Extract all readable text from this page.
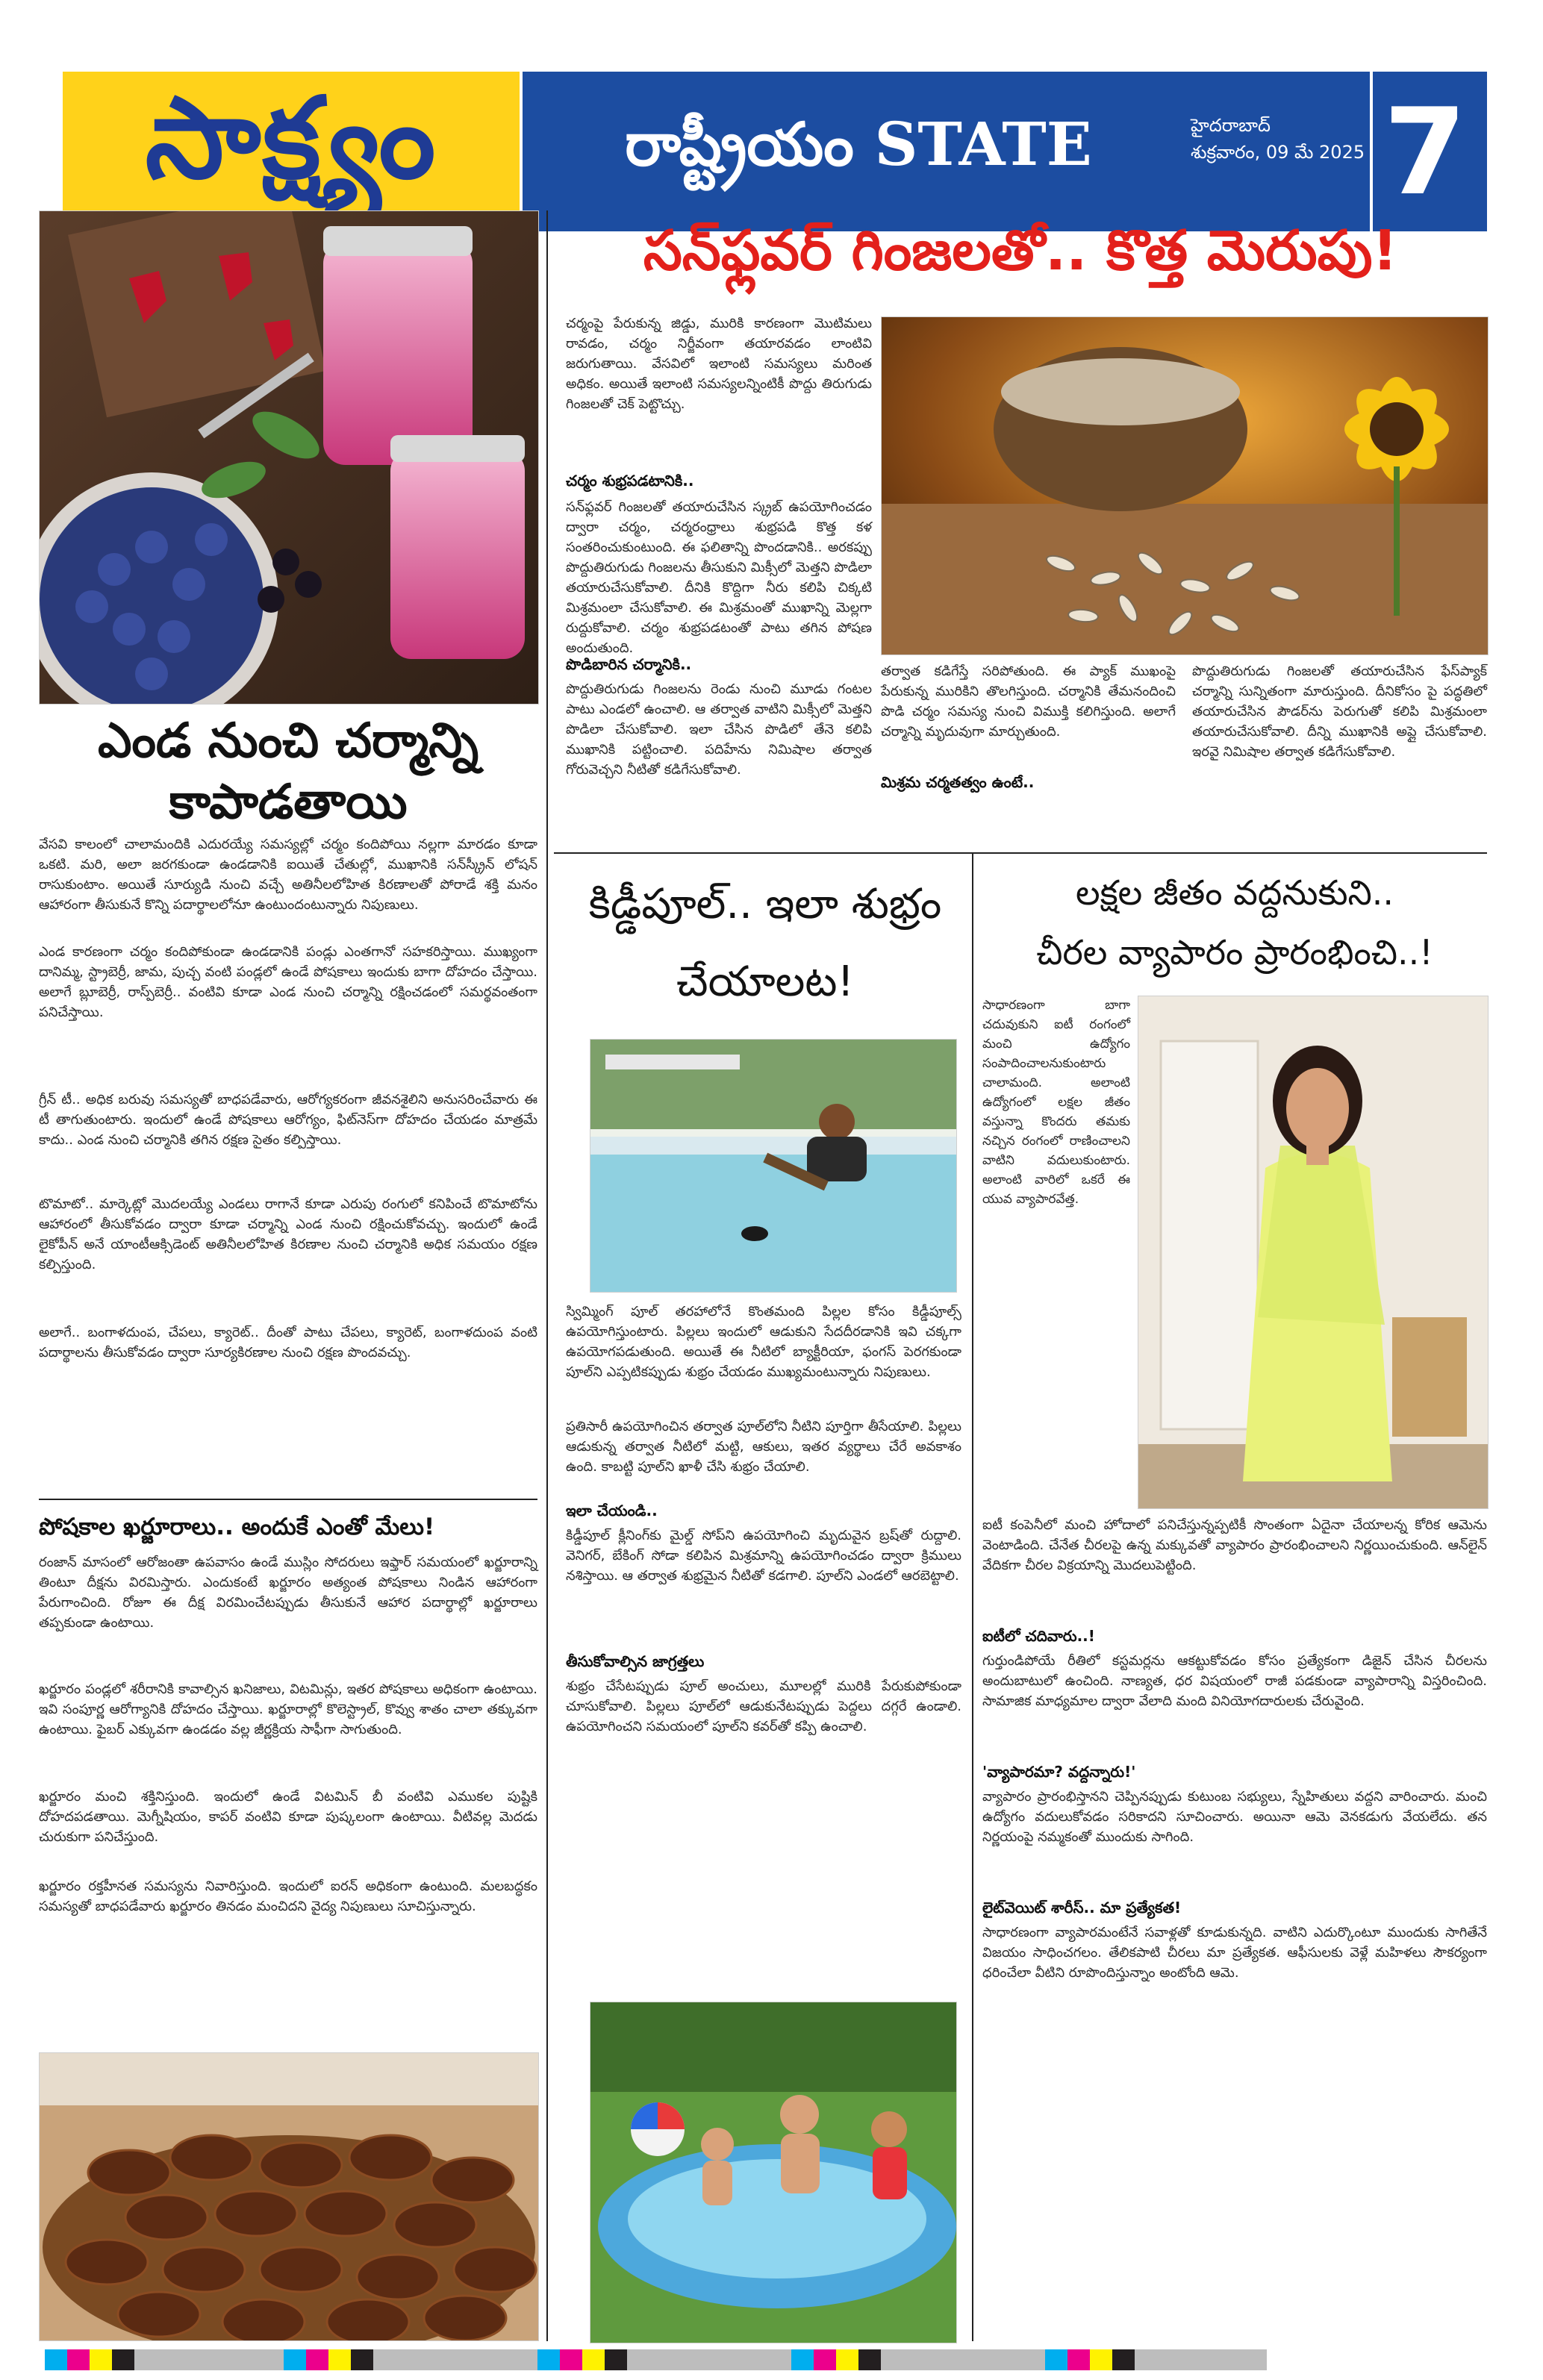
సాక్ష్యం	రాష్ట్రీయం STATE	హైదరాబాద్
శుక్రవారం, 09 మే 2025 7
ఎండ నుంచి చర్మాన్ని కాపాడతాయి
వేసవి కాలంలో చాలామందికి ఎదురయ్యే సమస్యల్లో చర్మం కందిపోయి నల్లగా మారడం కూడా ఒకటి. మరి, అలా జరగకుండా ఉండడానికి ఐయితే చేతుల్లో, ముఖానికి సన్‌స్క్రీన్ లోషన్ రాసుకుంటాం. అయితే సూర్యుడి నుంచి వచ్చే అతినీలలోహిత కిరణాలతో పోరాడే శక్తి మనం ఆహారంగా తీసుకునే కొన్ని పదార్థాలలోనూ ఉంటుందంటున్నారు నిపుణులు.
ఎండ కారణంగా చర్మం కందిపోకుండా ఉండడానికి పండ్లు ఎంతగానో సహకరిస్తాయి. ముఖ్యంగా దానిమ్మ, స్ట్రాబెర్రీ, జామ, పుచ్చ వంటి పండ్లలో ఉండే పోషకాలు ఇందుకు బాగా దోహదం చేస్తాయి. అలాగే బ్లూబెర్రీ, రాస్ప్‌బెర్రీ.. వంటివి కూడా ఎండ నుంచి చర్మాన్ని రక్షించడంలో సమర్థవంతంగా పనిచేస్తాయి.
గ్రీన్ టీ.. అధిక బరువు సమస్యతో బాధపడేవారు, ఆరోగ్యకరంగా జీవనశైలిని అనుసరించేవారు ఈ టీ తాగుతుంటారు. ఇందులో ఉండే పోషకాలు ఆరోగ్యం, ఫిట్‌నెస్‌గా దోహదం చేయడం మాత్రమే కాదు.. ఎండ నుంచి చర్మానికి తగిన రక్షణ సైతం కల్పిస్తాయి.
టొమాటో.. మార్కెట్లో మొదలయ్యే ఎండలు రాగానే కూడా ఎరుపు రంగులో కనిపించే టొమాటోను ఆహారంలో తీసుకోవడం ద్వారా కూడా చర్మాన్ని ఎండ నుంచి రక్షించుకోవచ్చు. ఇందులో ఉండే లైకోపీన్ అనే యాంటీఆక్సిడెంట్ అతినీలలోహిత కిరణాల నుంచి చర్మానికి అధిక సమయం రక్షణ కల్పిస్తుంది.
అలాగే.. బంగాళదుంప, చేపలు, క్యారెట్.. దీంతో పాటు చేపలు, క్యారెట్, బంగాళదుంప వంటి పదార్థాలను తీసుకోవడం ద్వారా సూర్యకిరణాల నుంచి రక్షణ పొందవచ్చు.
పోషకాల ఖర్జూరాలు.. అందుకే ఎంతో మేలు!
రంజాన్ మాసంలో ఆరోజంతా ఉపవాసం ఉండే ముస్లిం సోదరులు ఇఫ్తార్ సమయంలో ఖర్జూరాన్ని తింటూ దీక్షను విరమిస్తారు. ఎందుకంటే ఖర్జూరం అత్యంత పోషకాలు నిండిన ఆహారంగా పేరుగాంచింది. రోజూ ఈ దీక్ష విరమించేటప్పుడు తీసుకునే ఆహార పదార్థాల్లో ఖర్జూరాలు తప్పకుండా ఉంటాయి.
ఖర్జూరం పండ్లలో శరీరానికి కావాల్సిన ఖనిజాలు, విటమిన్లు, ఇతర పోషకాలు అధికంగా ఉంటాయి. ఇవి సంపూర్ణ ఆరోగ్యానికి దోహదం చేస్తాయి. ఖర్జూరాల్లో కొలెస్ట్రాల్, కొవ్వు శాతం చాలా తక్కువగా ఉంటాయి. ఫైబర్ ఎక్కువగా ఉండడం వల్ల జీర్ణక్రియ సాఫీగా సాగుతుంది.
ఖర్జూరం మంచి శక్తినిస్తుంది. ఇందులో ఉండే విటమిన్ బీ వంటివి ఎముకల పుష్టికి దోహదపడతాయి. మెగ్నీషియం, కాపర్ వంటివి కూడా పుష్కలంగా ఉంటాయి. వీటివల్ల మెదడు చురుకుగా పనిచేస్తుంది.
ఖర్జూరం రక్తహీనత సమస్యను నివారిస్తుంది. ఇందులో ఐరన్ అధికంగా ఉంటుంది. మలబద్ధకం సమస్యతో బాధపడేవారు ఖర్జూరం తినడం మంచిదని వైద్య నిపుణులు సూచిస్తున్నారు.
సన్‌ఫ్లవర్ గింజలతో.. కొత్త మెరుపు!
చర్మంపై పేరుకున్న జిడ్డు, మురికి కారణంగా మొటిమలు రావడం, చర్మం నిర్జీవంగా తయారవడం లాంటివి జరుగుతాయి. వేసవిలో ఇలాంటి సమస్యలు మరింత అధికం. అయితే ఇలాంటి సమస్యలన్నింటికీ పొద్దు తిరుగుడు గింజలతో చెక్ పెట్టొచ్చు.
చర్మం శుభ్రపడటానికి..
సన్‌ఫ్లవర్ గింజలతో తయారుచేసిన స్క్రబ్ ఉపయోగించడం ద్వారా చర్మం, చర్మరంధ్రాలు శుభ్రపడి కొత్త కళ సంతరించుకుంటుంది. ఈ ఫలితాన్ని పొందడానికి.. అరకప్పు పొద్దుతిరుగుడు గింజలను తీసుకుని మిక్సీలో మెత్తని పొడిలా తయారుచేసుకోవాలి. దీనికి కొద్దిగా నీరు కలిపి చిక్కటి మిశ్రమంలా చేసుకోవాలి. ఈ మిశ్రమంతో ముఖాన్ని మెల్లగా రుద్దుకోవాలి. చర్మం శుభ్రపడటంతో పాటు తగిన పోషణ అందుతుంది.
పొడిబారిన చర్మానికి..
పొద్దుతిరుగుడు గింజలను రెండు నుంచి మూడు గంటల పాటు ఎండలో ఉంచాలి. ఆ తర్వాత వాటిని మిక్సీలో మెత్తని పొడిలా చేసుకోవాలి. ఇలా చేసిన పొడిలో తేనె కలిపి ముఖానికి పట్టించాలి. పదిహేను నిమిషాల తర్వాత గోరువెచ్చని నీటితో కడిగేసుకోవాలి.
తర్వాత కడిగేస్తే సరిపోతుంది. ఈ ప్యాక్ ముఖంపై పేరుకున్న మురికిని తొలగిస్తుంది. చర్మానికి తేమనందించి పొడి చర్మం సమస్య నుంచి విముక్తి కలిగిస్తుంది. అలాగే చర్మాన్ని మృదువుగా మార్చుతుంది.
మిశ్రమ చర్మతత్వం ఉంటే..
పొద్దుతిరుగుడు గింజలతో తయారుచేసిన ఫేస్‌ప్యాక్ చర్మాన్ని సున్నితంగా మారుస్తుంది. దీనికోసం పై పద్ధతిలో తయారుచేసిన పౌడర్‌ను పెరుగుతో కలిపి మిశ్రమంలా తయారుచేసుకోవాలి. దీన్ని ముఖానికి అప్లై చేసుకోవాలి. ఇరవై నిమిషాల తర్వాత కడిగేసుకోవాలి.
కిడ్డీపూల్.. ఇలా శుభ్రం చేయాలట!
స్విమ్మింగ్ పూల్ తరహాలోనే కొంతమంది పిల్లల కోసం కిడ్డీపూల్స్ ఉపయోగిస్తుంటారు. పిల్లలు ఇందులో ఆడుకుని సేదదీరడానికి ఇవి చక్కగా ఉపయోగపడుతుంది. అయితే ఈ నీటిలో బ్యాక్టీరియా, ఫంగస్ పెరగకుండా పూల్‌ని ఎప్పటికప్పుడు శుభ్రం చేయడం ముఖ్యమంటున్నారు నిపుణులు.
ప్రతిసారీ ఉపయోగించిన తర్వాత పూల్‌లోని నీటిని పూర్తిగా తీసేయాలి. పిల్లలు ఆడుకున్న తర్వాత నీటిలో మట్టి, ఆకులు, ఇతర వ్యర్థాలు చేరే అవకాశం ఉంది. కాబట్టి పూల్‌ని ఖాళీ చేసి శుభ్రం చేయాలి.
ఇలా చేయండి..
కిడ్డీపూల్ క్లీనింగ్‌కు మైల్డ్ సోప్‌ని ఉపయోగించి మృదువైన బ్రష్‌తో రుద్దాలి. వెనిగర్, బేకింగ్ సోడా కలిపిన మిశ్రమాన్ని ఉపయోగించడం ద్వారా క్రిములు నశిస్తాయి. ఆ తర్వాత శుభ్రమైన నీటితో కడగాలి. పూల్‌ని ఎండలో ఆరబెట్టాలి.
తీసుకోవాల్సిన జాగ్రత్తలు
శుభ్రం చేసేటప్పుడు పూల్ అంచులు, మూలల్లో మురికి పేరుకుపోకుండా చూసుకోవాలి. పిల్లలు పూల్‌లో ఆడుకునేటప్పుడు పెద్దలు దగ్గరే ఉండాలి. ఉపయోగించని సమయంలో పూల్‌ని కవర్‌తో కప్పి ఉంచాలి.
లక్షల జీతం వద్దనుకుని..
చీరల వ్యాపారం ప్రారంభించి..!
సాధారణంగా బాగా చదువుకుని ఐటీ రంగంలో మంచి ఉద్యోగం సంపాదించాలనుకుంటారు చాలామంది. అలాంటి ఉద్యోగంలో లక్షల జీతం వస్తున్నా కొందరు తమకు నచ్చిన రంగంలో రాణించాలని వాటిని వదులుకుంటారు. అలాంటి వారిలో ఒకరే ఈ యువ వ్యాపారవేత్త.
ఐటీ కంపెనీలో మంచి హోదాలో పనిచేస్తున్నప్పటికీ సొంతంగా ఏదైనా చేయాలన్న కోరిక ఆమెను వెంటాడింది. చేనేత చీరలపై ఉన్న మక్కువతో వ్యాపారం ప్రారంభించాలని నిర్ణయించుకుంది. ఆన్‌లైన్ వేదికగా చీరల విక్రయాన్ని మొదలుపెట్టింది.
ఐటీలో చదివారు..!
గుర్తుండిపోయే రీతిలో కస్టమర్లను ఆకట్టుకోవడం కోసం ప్రత్యేకంగా డిజైన్ చేసిన చీరలను అందుబాటులో ఉంచింది. నాణ్యత, ధర విషయంలో రాజీ పడకుండా వ్యాపారాన్ని విస్తరించింది. సామాజిక మాధ్యమాల ద్వారా వేలాది మంది వినియోగదారులకు చేరువైంది.
'వ్యాపారమా? వద్దన్నారు!'
వ్యాపారం ప్రారంభిస్తానని చెప్పినప్పుడు కుటుంబ సభ్యులు, స్నేహితులు వద్దని వారించారు. మంచి ఉద్యోగం వదులుకోవడం సరికాదని సూచించారు. అయినా ఆమె వెనకడుగు వేయలేదు. తన నిర్ణయంపై నమ్మకంతో ముందుకు సాగింది.
లైట్‌వెయిట్ శారీస్.. మా ప్రత్యేకత!
సాధారణంగా వ్యాపారమంటేనే సవాళ్లతో కూడుకున్నది. వాటిని ఎదుర్కొంటూ ముందుకు సాగితేనే విజయం సాధించగలం. తేలికపాటి చీరలు మా ప్రత్యేకత. ఆఫీసులకు వెళ్లే మహిళలు సౌకర్యంగా ధరించేలా వీటిని రూపొందిస్తున్నాం అంటోంది ఆమె.
